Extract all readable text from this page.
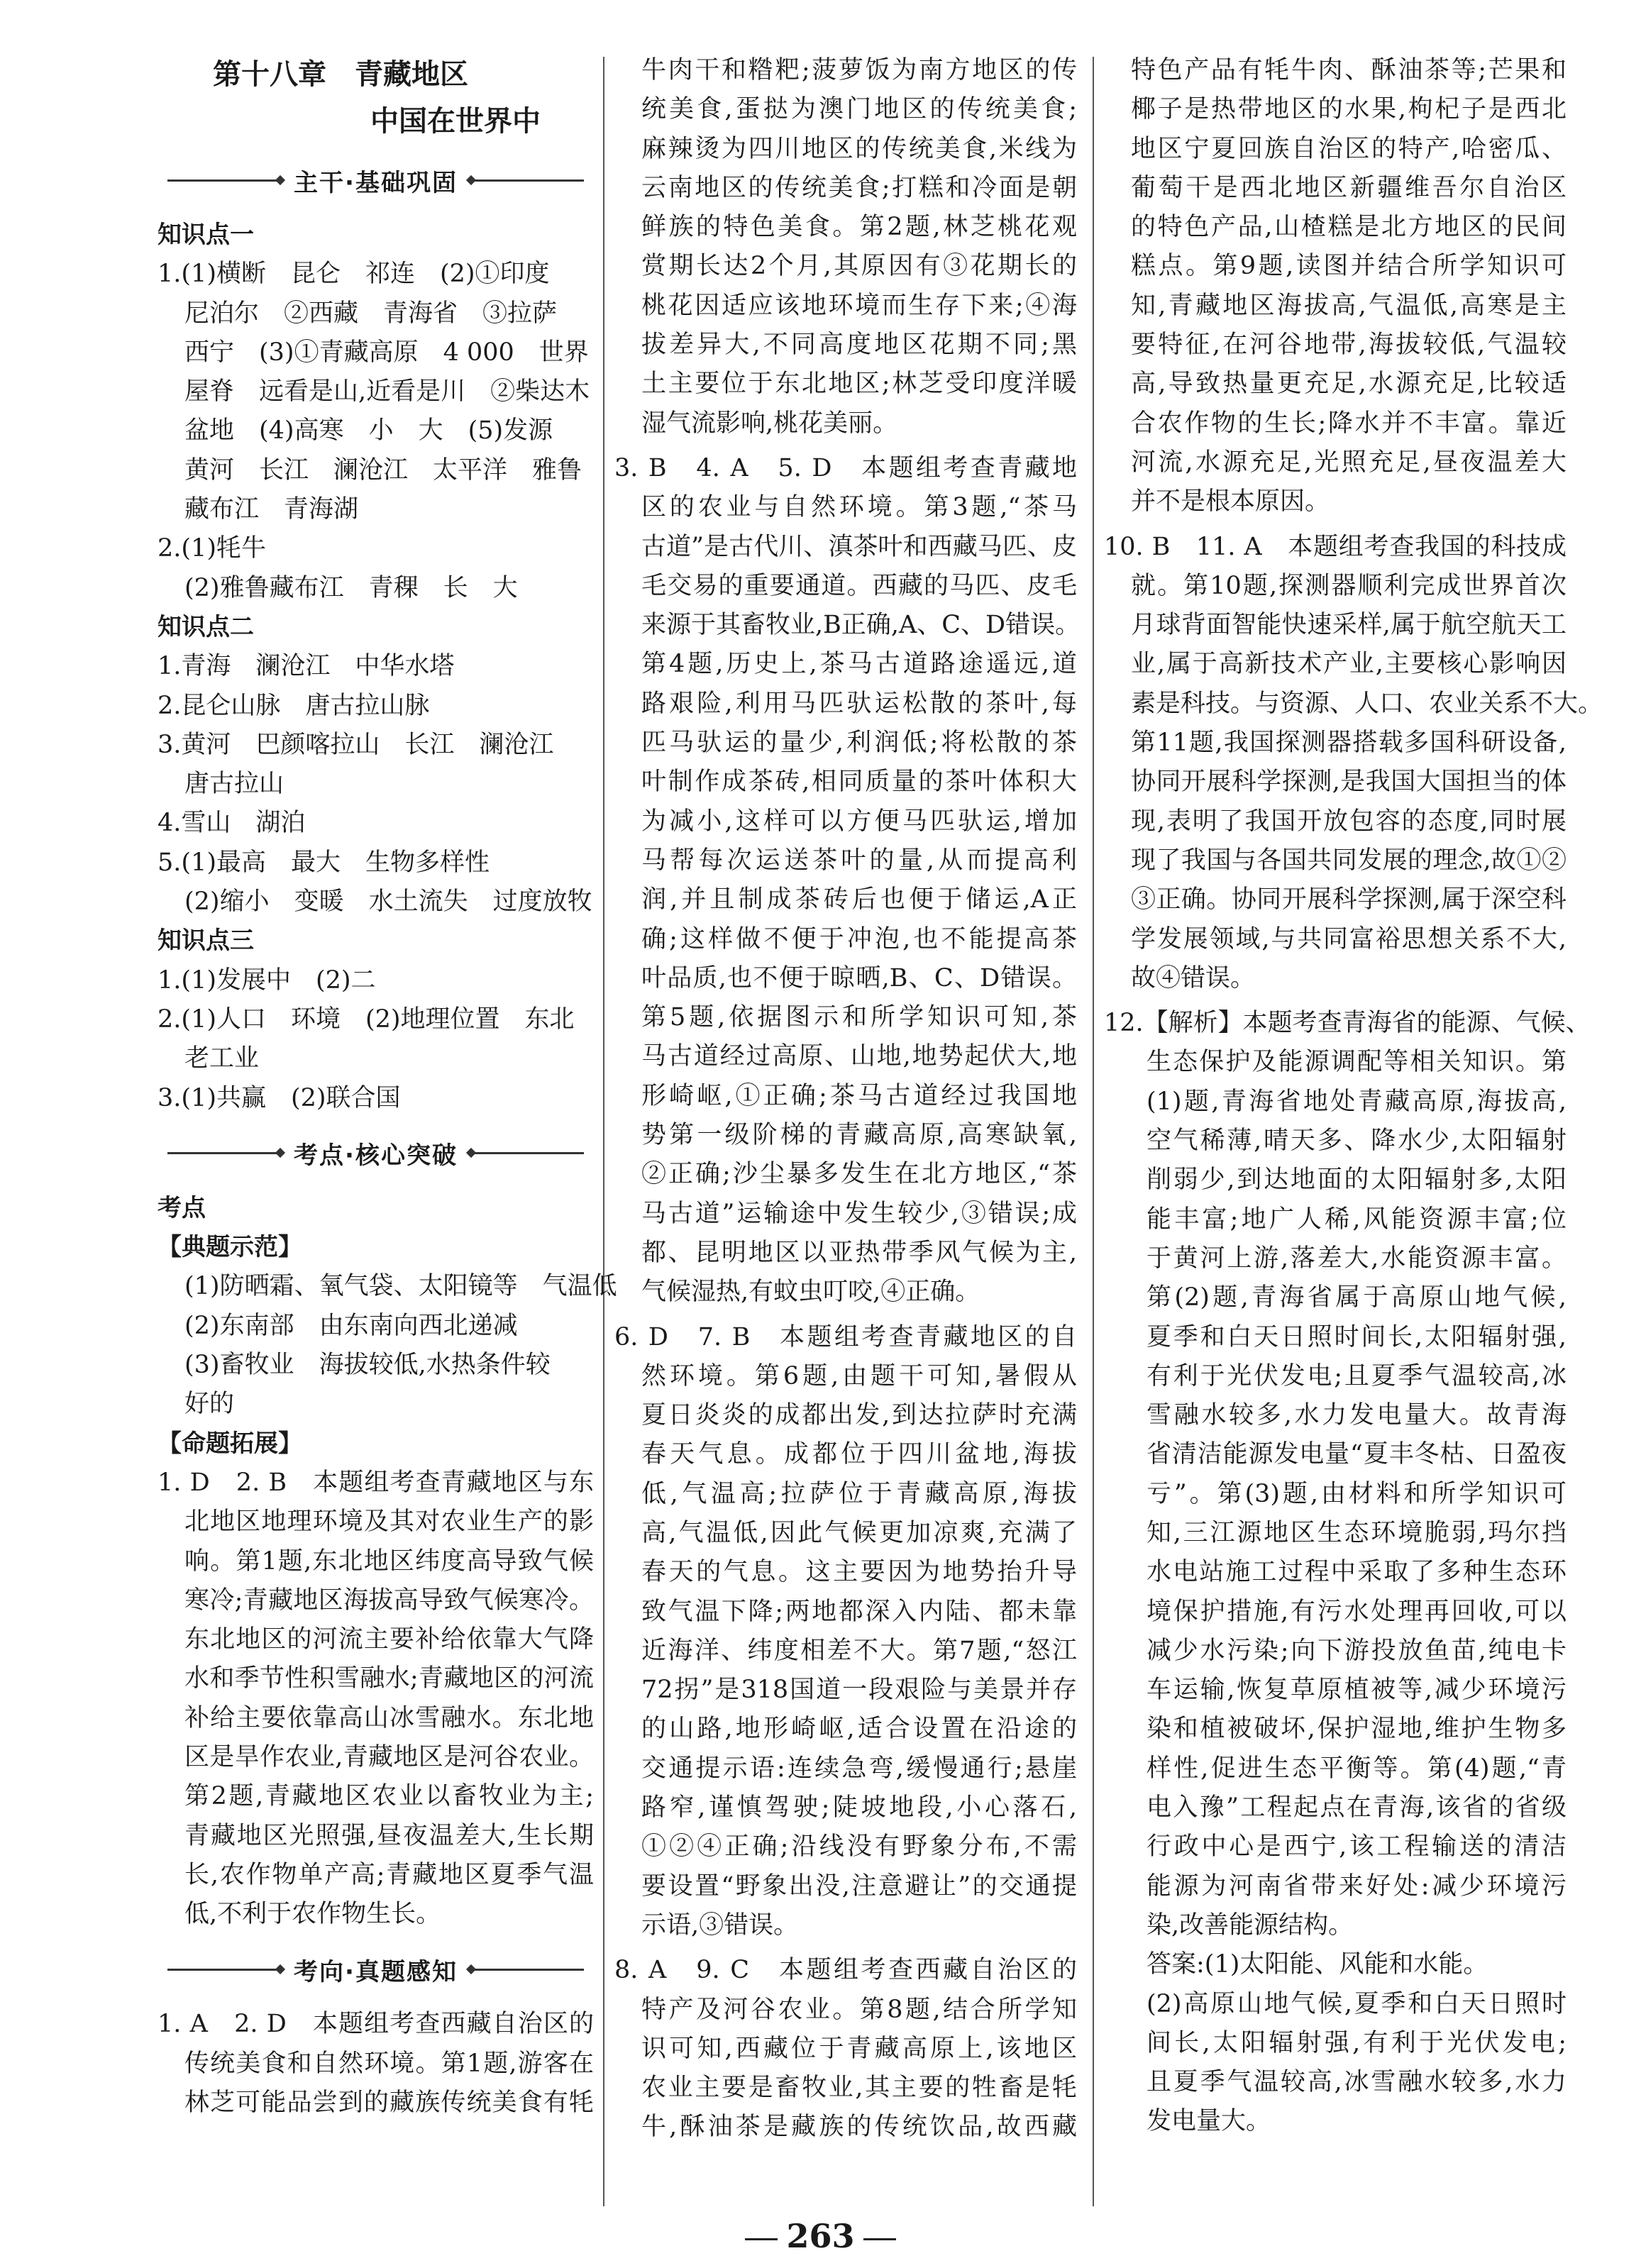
第十八章　青藏地区
中国在世界中
主干·基础巩固
知识点一
1.(1)横断　昆仑　祁连　(2)①印度
尼泊尔　②西藏　青海省　③拉萨
西宁　(3)①青藏高原　4 000　世界
屋脊　远看是山,近看是川　②柴达木
盆地　(4)高寒　小　大　(5)发源
黄河　长江　澜沧江　太平洋　雅鲁
藏布江　青海湖
2.(1)牦牛
(2)雅鲁藏布江　青稞　长　大
知识点二
1.青海　澜沧江　中华水塔
2.昆仑山脉　唐古拉山脉
3.黄河　巴颜喀拉山　长江　澜沧江
唐古拉山
4.雪山　湖泊
5.(1)最高　最大　生物多样性
(2)缩小　变暖　水土流失　过度放牧
知识点三
1.(1)发展中　(2)二
2.(1)人口　环境　(2)地理位置　东北
老工业
3.(1)共赢　(2)联合国
考点·核心突破
考点
【典题示范】
(1)防晒霜、氧气袋、太阳镜等　气温低
(2)东南部　由东南向西北递减
(3)畜牧业　海拔较低,水热条件较
好的
【命题拓展】
1. D　2. B　本题组考查青藏地区与东
北地区地理环境及其对农业生产的影
响。第1题,东北地区纬度高导致气候
寒冷;青藏地区海拔高导致气候寒冷。
东北地区的河流主要补给依靠大气降
水和季节性积雪融水;青藏地区的河流
补给主要依靠高山冰雪融水。东北地
区是旱作农业,青藏地区是河谷农业。
第2题,青藏地区农业以畜牧业为主;
青藏地区光照强,昼夜温差大,生长期
长,农作物单产高;青藏地区夏季气温
低,不利于农作物生长。
考向·真题感知
1. A　2. D　本题组考查西藏自治区的
传统美食和自然环境。第1题,游客在
林芝可能品尝到的藏族传统美食有牦
牛肉干和糌粑;菠萝饭为南方地区的传
统美食,蛋挞为澳门地区的传统美食;
麻辣烫为四川地区的传统美食,米线为
云南地区的传统美食;打糕和冷面是朝
鲜族的特色美食。第2题,林芝桃花观
赏期长达2个月,其原因有③花期长的
桃花因适应该地环境而生存下来;④海
拔差异大,不同高度地区花期不同;黑
土主要位于东北地区;林芝受印度洋暖
湿气流影响,桃花美丽。
3. B　4. A　5. D　本题组考查青藏地
区的农业与自然环境。第3题,“茶马
古道”是古代川、滇茶叶和西藏马匹、皮
毛交易的重要通道。西藏的马匹、皮毛
来源于其畜牧业,B正确,A、C、D错误。
第4题,历史上,茶马古道路途遥远,道
路艰险,利用马匹驮运松散的茶叶,每
匹马驮运的量少,利润低;将松散的茶
叶制作成茶砖,相同质量的茶叶体积大
为减小,这样可以方便马匹驮运,增加
马帮每次运送茶叶的量,从而提高利
润,并且制成茶砖后也便于储运,A正
确;这样做不便于冲泡,也不能提高茶
叶品质,也不便于晾晒,B、C、D错误。
第5题,依据图示和所学知识可知,茶
马古道经过高原、山地,地势起伏大,地
形崎岖,①正确;茶马古道经过我国地
势第一级阶梯的青藏高原,高寒缺氧,
②正确;沙尘暴多发生在北方地区,“茶
马古道”运输途中发生较少,③错误;成
都、昆明地区以亚热带季风气候为主,
气候湿热,有蚊虫叮咬,④正确。
6. D　7. B　本题组考查青藏地区的自
然环境。第6题,由题干可知,暑假从
夏日炎炎的成都出发,到达拉萨时充满
春天气息。成都位于四川盆地,海拔
低,气温高;拉萨位于青藏高原,海拔
高,气温低,因此气候更加凉爽,充满了
春天的气息。这主要因为地势抬升导
致气温下降;两地都深入内陆、都未靠
近海洋、纬度相差不大。第7题,“怒江
72拐”是318国道一段艰险与美景并存
的山路,地形崎岖,适合设置在沿途的
交通提示语:连续急弯,缓慢通行;悬崖
路窄,谨慎驾驶;陡坡地段,小心落石,
①②④正确;沿线没有野象分布,不需
要设置“野象出没,注意避让”的交通提
示语,③错误。
8. A　9. C　本题组考查西藏自治区的
特产及河谷农业。第8题,结合所学知
识可知,西藏位于青藏高原上,该地区
农业主要是畜牧业,其主要的牲畜是牦
牛,酥油茶是藏族的传统饮品,故西藏
特色产品有牦牛肉、酥油茶等;芒果和
椰子是热带地区的水果,枸杞子是西北
地区宁夏回族自治区的特产,哈密瓜、
葡萄干是西北地区新疆维吾尔自治区
的特色产品,山楂糕是北方地区的民间
糕点。第9题,读图并结合所学知识可
知,青藏地区海拔高,气温低,高寒是主
要特征,在河谷地带,海拔较低,气温较
高,导致热量更充足,水源充足,比较适
合农作物的生长;降水并不丰富。靠近
河流,水源充足,光照充足,昼夜温差大
并不是根本原因。
10. B　11. A　本题组考查我国的科技成
就。第10题,探测器顺利完成世界首次
月球背面智能快速采样,属于航空航天工
业,属于高新技术产业,主要核心影响因
素是科技。与资源、人口、农业关系不大。
第11题,我国探测器搭载多国科研设备,
协同开展科学探测,是我国大国担当的体
现,表明了我国开放包容的态度,同时展
现了我国与各国共同发展的理念,故①②
③正确。协同开展科学探测,属于深空科
学发展领域,与共同富裕思想关系不大,
故④错误。
12.【解析】本题考查青海省的能源、气候、
生态保护及能源调配等相关知识。第
(1)题,青海省地处青藏高原,海拔高,
空气稀薄,晴天多、降水少,太阳辐射
削弱少,到达地面的太阳辐射多,太阳
能丰富;地广人稀,风能资源丰富;位
于黄河上游,落差大,水能资源丰富。
第(2)题,青海省属于高原山地气候,
夏季和白天日照时间长,太阳辐射强,
有利于光伏发电;且夏季气温较高,冰
雪融水较多,水力发电量大。故青海
省清洁能源发电量“夏丰冬枯、日盈夜
亏”。第(3)题,由材料和所学知识可
知,三江源地区生态环境脆弱,玛尔挡
水电站施工过程中采取了多种生态环
境保护措施,有污水处理再回收,可以
减少水污染;向下游投放鱼苗,纯电卡
车运输,恢复草原植被等,减少环境污
染和植被破坏,保护湿地,维护生物多
样性,促进生态平衡等。第(4)题,“青
电入豫”工程起点在青海,该省的省级
行政中心是西宁,该工程输送的清洁
能源为河南省带来好处:减少环境污
染,改善能源结构。
答案:(1)太阳能、风能和水能。
(2)高原山地气候,夏季和白天日照时
间长,太阳辐射强,有利于光伏发电;
且夏季气温较高,冰雪融水较多,水力
发电量大。
263
